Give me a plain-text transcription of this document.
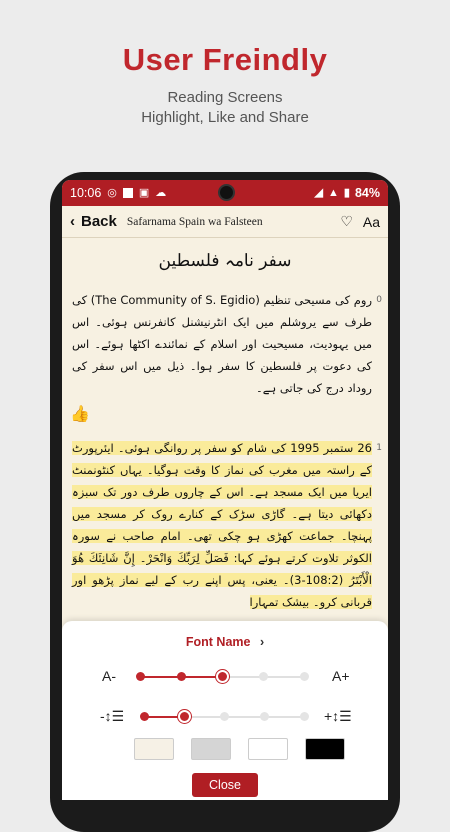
User Freindly
Reading Screens
Highlight, Like and Share
10:06 ◎ ▣ ☁	◢ ▲ ▮ 84%
‹ Back Safarnama Spain wa Falsteen	♡ Aa
سفر نامہ فلسطین
0
روم کی مسیحی تنظیم (The Community of S. Egidio) کی طرف سے یروشلم میں ایک انٹرنیشنل کانفرنس ہوئی۔ اس میں یہودیت، مسیحیت اور اسلام کے نمائندے اکٹھا ہوئے۔ اس کی دعوت پر فلسطین کا سفر ہوا۔ ذیل میں اس سفر کی روداد درج کی جاتی ہے۔
👍
1
26 ستمبر 1995 کی شام کو سفر پر روانگی ہوئی۔ ایئرپورٹ کے راستہ میں مغرب کی نماز کا وقت ہوگیا۔ یہاں کنٹونمنٹ ایریا میں ایک مسجد ہے۔ اس کے چاروں طرف دور تک سبزہ دکھائی دیتا ہے۔ گاڑی سڑک کے کنارے روک کر مسجد میں پہنچا۔ جماعت کھڑی ہو چکی تھی۔ امام صاحب نے سورہ الکوثر تلاوت کرتے ہوئے کہا: فَصَلِّ لِرَبِّكَ وَانْحَرْ۔ إِنَّ شَانِئَكَ هُوَ الْأَبْتَرُ (108:2-3)۔ یعنی، پس اپنے رب کے لیے نماز پڑھو اور قربانی کرو۔ بیشک تمہارا
Font Name ›
A-	A+
-↕☰	+↕☰
Close
